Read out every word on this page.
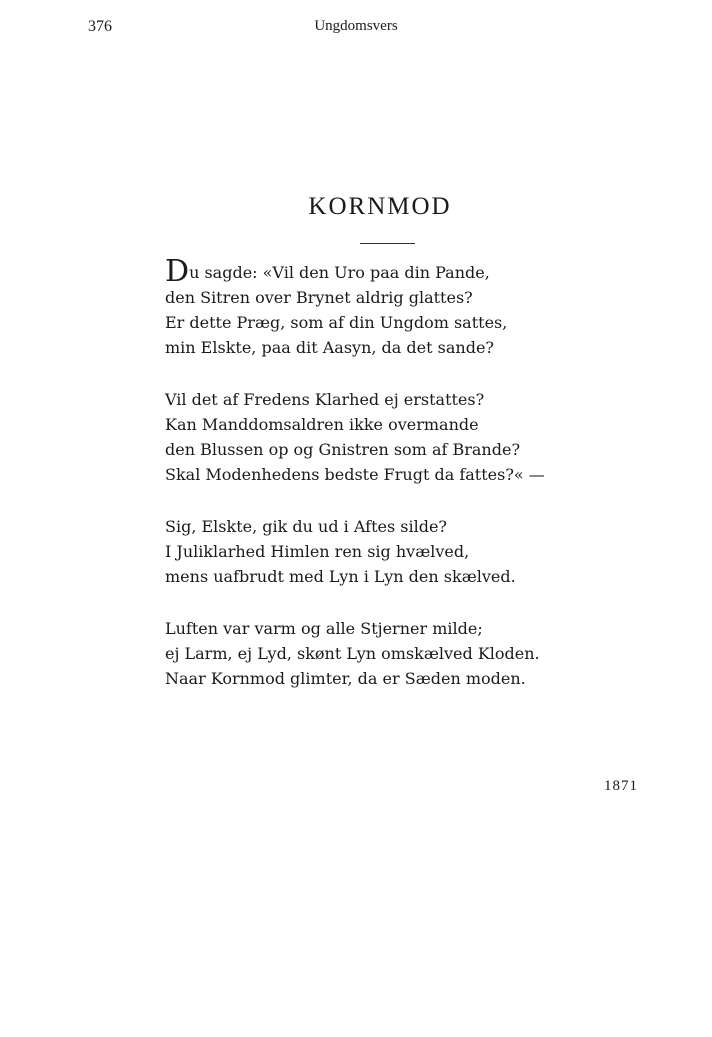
376	Ungdomsvers
KORNMOD
Du sagde: «Vil den Uro paa din Pande,
den Sitren over Brynet aldrig glattes?
Er dette Præg, som af din Ungdom sattes,
min Elskte, paa dit Aasyn, da det sande?
Vil det af Fredens Klarhed ej erstattes?
Kan Manddomsaldren ikke overmande
den Blussen op og Gnistren som af Brande?
Skal Modenhedens bedste Frugt da fattes?« —
Sig, Elskte, gik du ud i Aftes silde?
I Juliklarhed Himlen ren sig hvælved,
mens uafbrudt med Lyn i Lyn den skælved.
Luften var varm og alle Stjerner milde;
ej Larm, ej Lyd, skønt Lyn omskælved Kloden.
Naar Kornmod glimter, da er Sæden moden.
1871
